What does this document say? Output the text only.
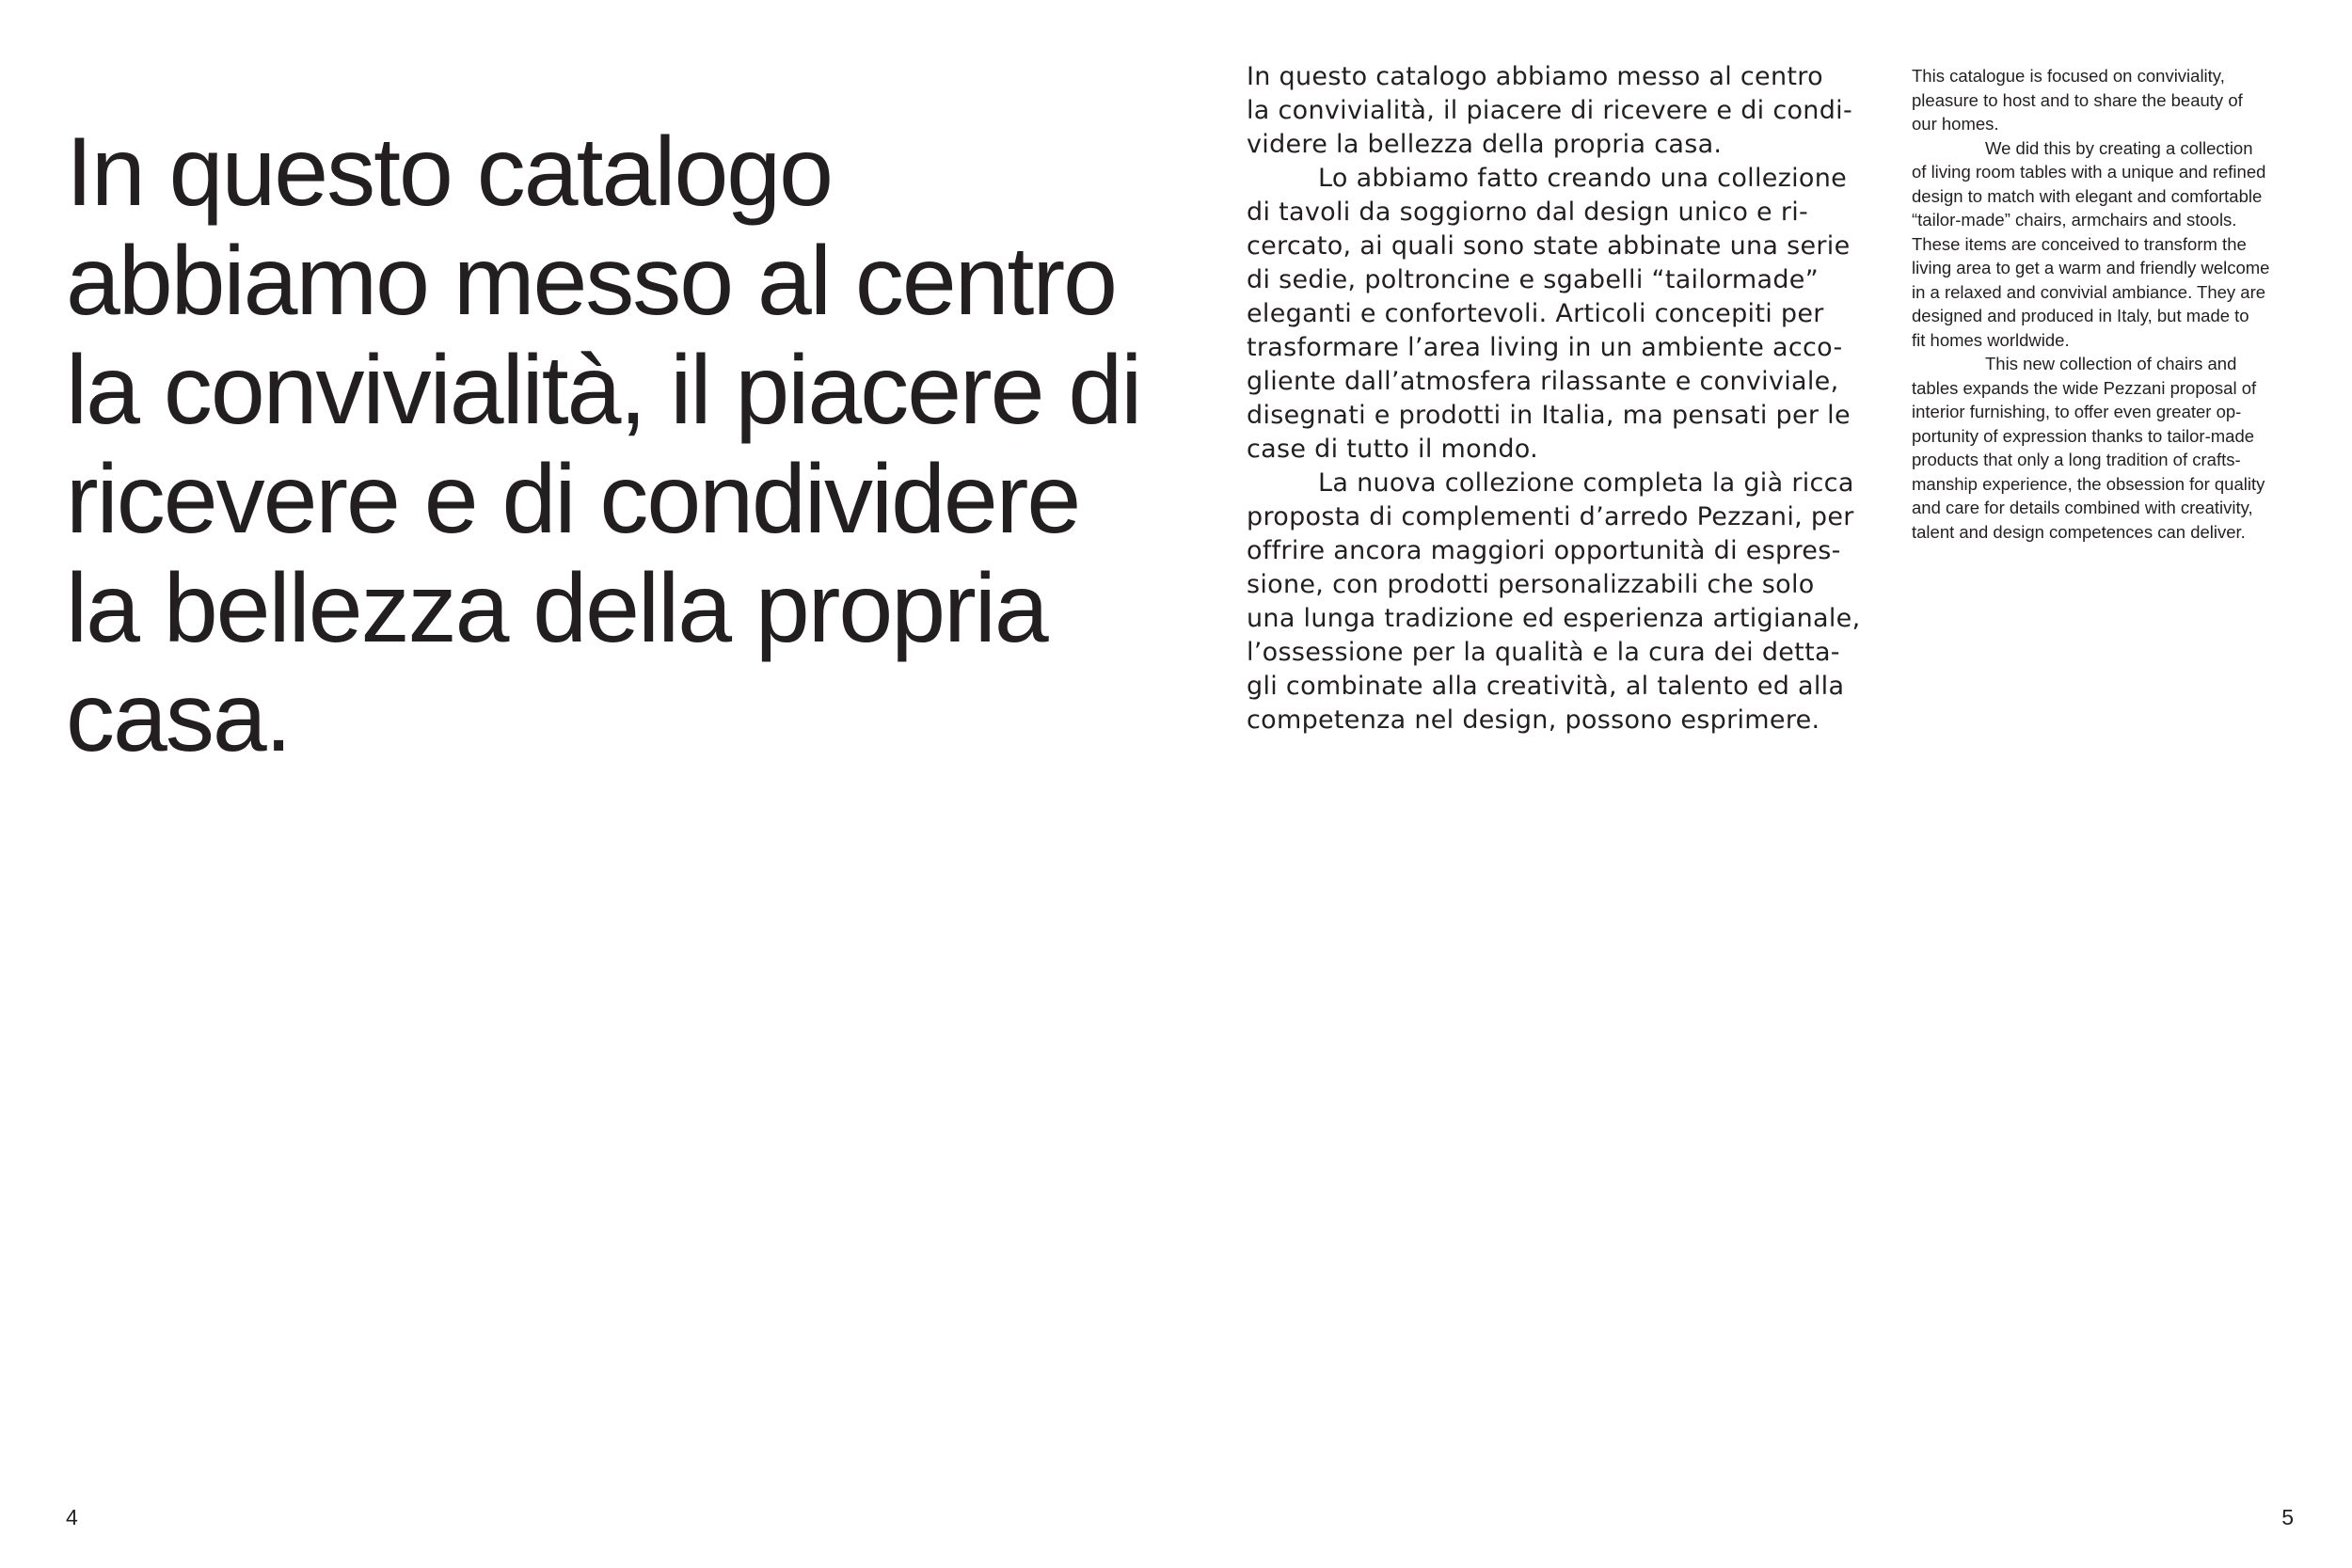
In questo catalogo
abbiamo messo al centro
la convivialità, il piacere di
ricevere e di condividere
la bellezza della propria
casa.
In questo catalogo abbiamo messo al centro
la convivialità, il piacere di ricevere e di condi-
videre la bellezza della propria casa.
Lo abbiamo fatto creando una collezione
di tavoli da soggiorno dal design unico e ri-
cercato, ai quali sono state abbinate una serie
di sedie, poltroncine e sgabelli “tailormade”
eleganti e confortevoli. Articoli concepiti per
trasformare l’area living in un ambiente acco-
gliente dall’atmosfera rilassante e conviviale,
disegnati e prodotti in Italia, ma pensati per le
case di tutto il mondo.
La nuova collezione completa la già ricca
proposta di complementi d’arredo Pezzani, per
offrire ancora maggiori opportunità di espres-
sione, con prodotti personalizzabili che solo
una lunga tradizione ed esperienza artigianale,
l’ossessione per la qualità e la cura dei detta-
gli combinate alla creatività, al talento ed alla
competenza nel design, possono esprimere.
This catalogue is focused on conviviality,
pleasure to host and to share the beauty of
our homes.
We did this by creating a collection
of living room tables with a unique and refined
design to match with elegant and comfortable
“tailor-made” chairs, armchairs and stools.
These items are conceived to transform the
living area to get a warm and friendly welcome
in a relaxed and convivial ambiance. They are
designed and produced in Italy, but made to
fit homes worldwide.
This new collection of chairs and
tables expands the wide Pezzani proposal of
interior furnishing, to offer even greater op-
portunity of expression thanks to tailor-made
products that only a long tradition of crafts-
manship experience, the obsession for quality
and care for details combined with creativity,
talent and design competences can deliver.
4	5
